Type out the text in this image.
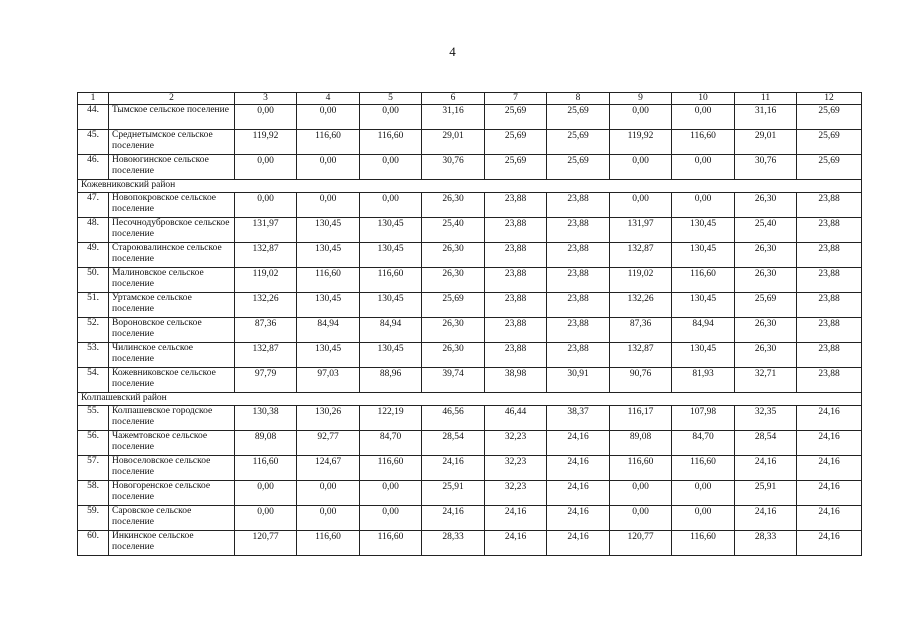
4
1	2	3	4	5	6	7	8	9	10	11	12
44.	Тымское сельское поселение	0,00	0,00	0,00	31,16	25,69	25,69	0,00	0,00	31,16	25,69
45.	Среднетымское сельское поселение	119,92	116,60	116,60	29,01	25,69	25,69	119,92	116,60	29,01	25,69
46.	Новоюгинское сельское поселение	0,00	0,00	0,00	30,76	25,69	25,69	0,00	0,00	30,76	25,69
Кожевниковский район											
47.	Новопокровское сельское поселение	0,00	0,00	0,00	26,30	23,88	23,88	0,00	0,00	26,30	23,88
48.	Песочнодубровское сельское поселение	131,97	130,45	130,45	25,40	23,88	23,88	131,97	130,45	25,40	23,88
49.	Староювалинское сельское поселение	132,87	130,45	130,45	26,30	23,88	23,88	132,87	130,45	26,30	23,88
50.	Малиновское сельское поселение	119,02	116,60	116,60	26,30	23,88	23,88	119,02	116,60	26,30	23,88
51.	Уртамское сельское поселение	132,26	130,45	130,45	25,69	23,88	23,88	132,26	130,45	25,69	23,88
52.	Вороновское сельское поселение	87,36	84,94	84,94	26,30	23,88	23,88	87,36	84,94	26,30	23,88
53.	Чилинское сельское поселение	132,87	130,45	130,45	26,30	23,88	23,88	132,87	130,45	26,30	23,88
54.	Кожевниковское сельское поселение	97,79	97,03	88,96	39,74	38,98	30,91	90,76	81,93	32,71	23,88
Колпашевский район											
55.	Колпашевское городское поселение	130,38	130,26	122,19	46,56	46,44	38,37	116,17	107,98	32,35	24,16
56.	Чажемтовское сельское поселение	89,08	92,77	84,70	28,54	32,23	24,16	89,08	84,70	28,54	24,16
57.	Новоселовское сельское поселение	116,60	124,67	116,60	24,16	32,23	24,16	116,60	116,60	24,16	24,16
58.	Новогоренское сельское поселение	0,00	0,00	0,00	25,91	32,23	24,16	0,00	0,00	25,91	24,16
59.	Саровское сельское поселение	0,00	0,00	0,00	24,16	24,16	24,16	0,00	0,00	24,16	24,16
60.	Инкинское сельское поселение	120,77	116,60	116,60	28,33	24,16	24,16	120,77	116,60	28,33	24,16
